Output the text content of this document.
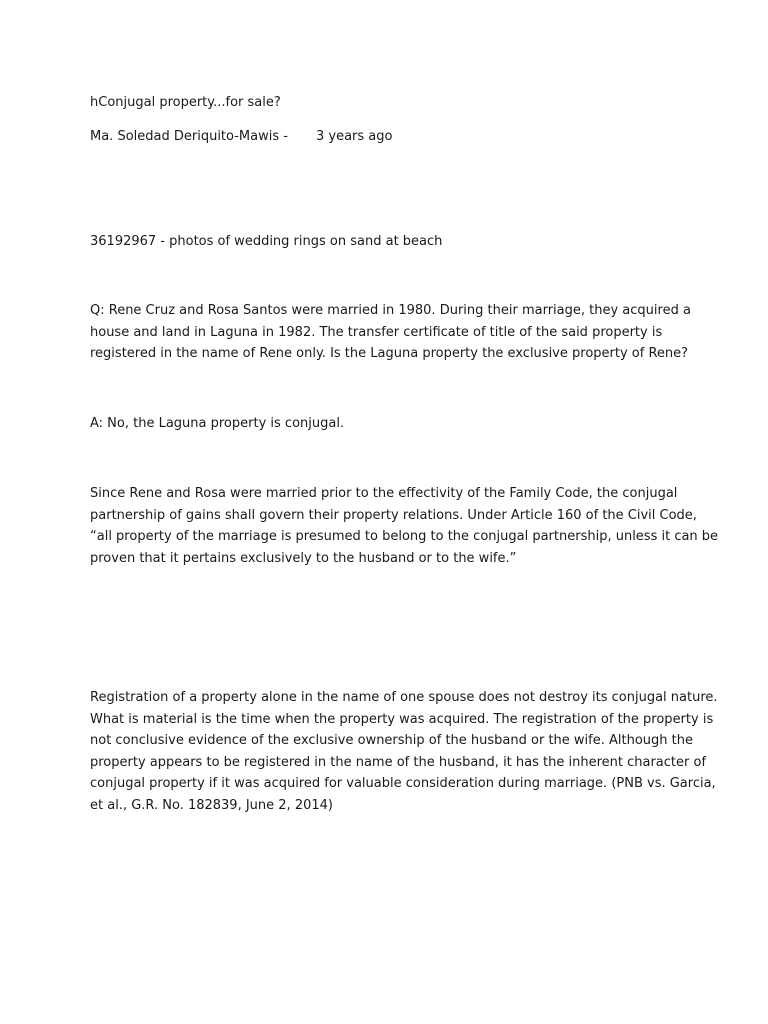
hConjugal property...for sale?
Ma. Soledad Deriquito-Mawis - 3 years ago
36192967 - photos of wedding rings on sand at beach
Q: Rene Cruz and Rosa Santos were married in 1980. During their marriage, they acquired a
house and land in Laguna in 1982. The transfer certificate of title of the said property is
registered in the name of Rene only. Is the Laguna property the exclusive property of Rene?
A: No, the Laguna property is conjugal.
Since Rene and Rosa were married prior to the effectivity of the Family Code, the conjugal
partnership of gains shall govern their property relations. Under Article 160 of the Civil Code,
“all property of the marriage is presumed to belong to the conjugal partnership, unless it can be
proven that it pertains exclusively to the husband or to the wife.”
Registration of a property alone in the name of one spouse does not destroy its conjugal nature.
What is material is the time when the property was acquired. The registration of the property is
not conclusive evidence of the exclusive ownership of the husband or the wife. Although the
property appears to be registered in the name of the husband, it has the inherent character of
conjugal property if it was acquired for valuable consideration during marriage. (PNB vs. Garcia,
et al., G.R. No. 182839, June 2, 2014)
